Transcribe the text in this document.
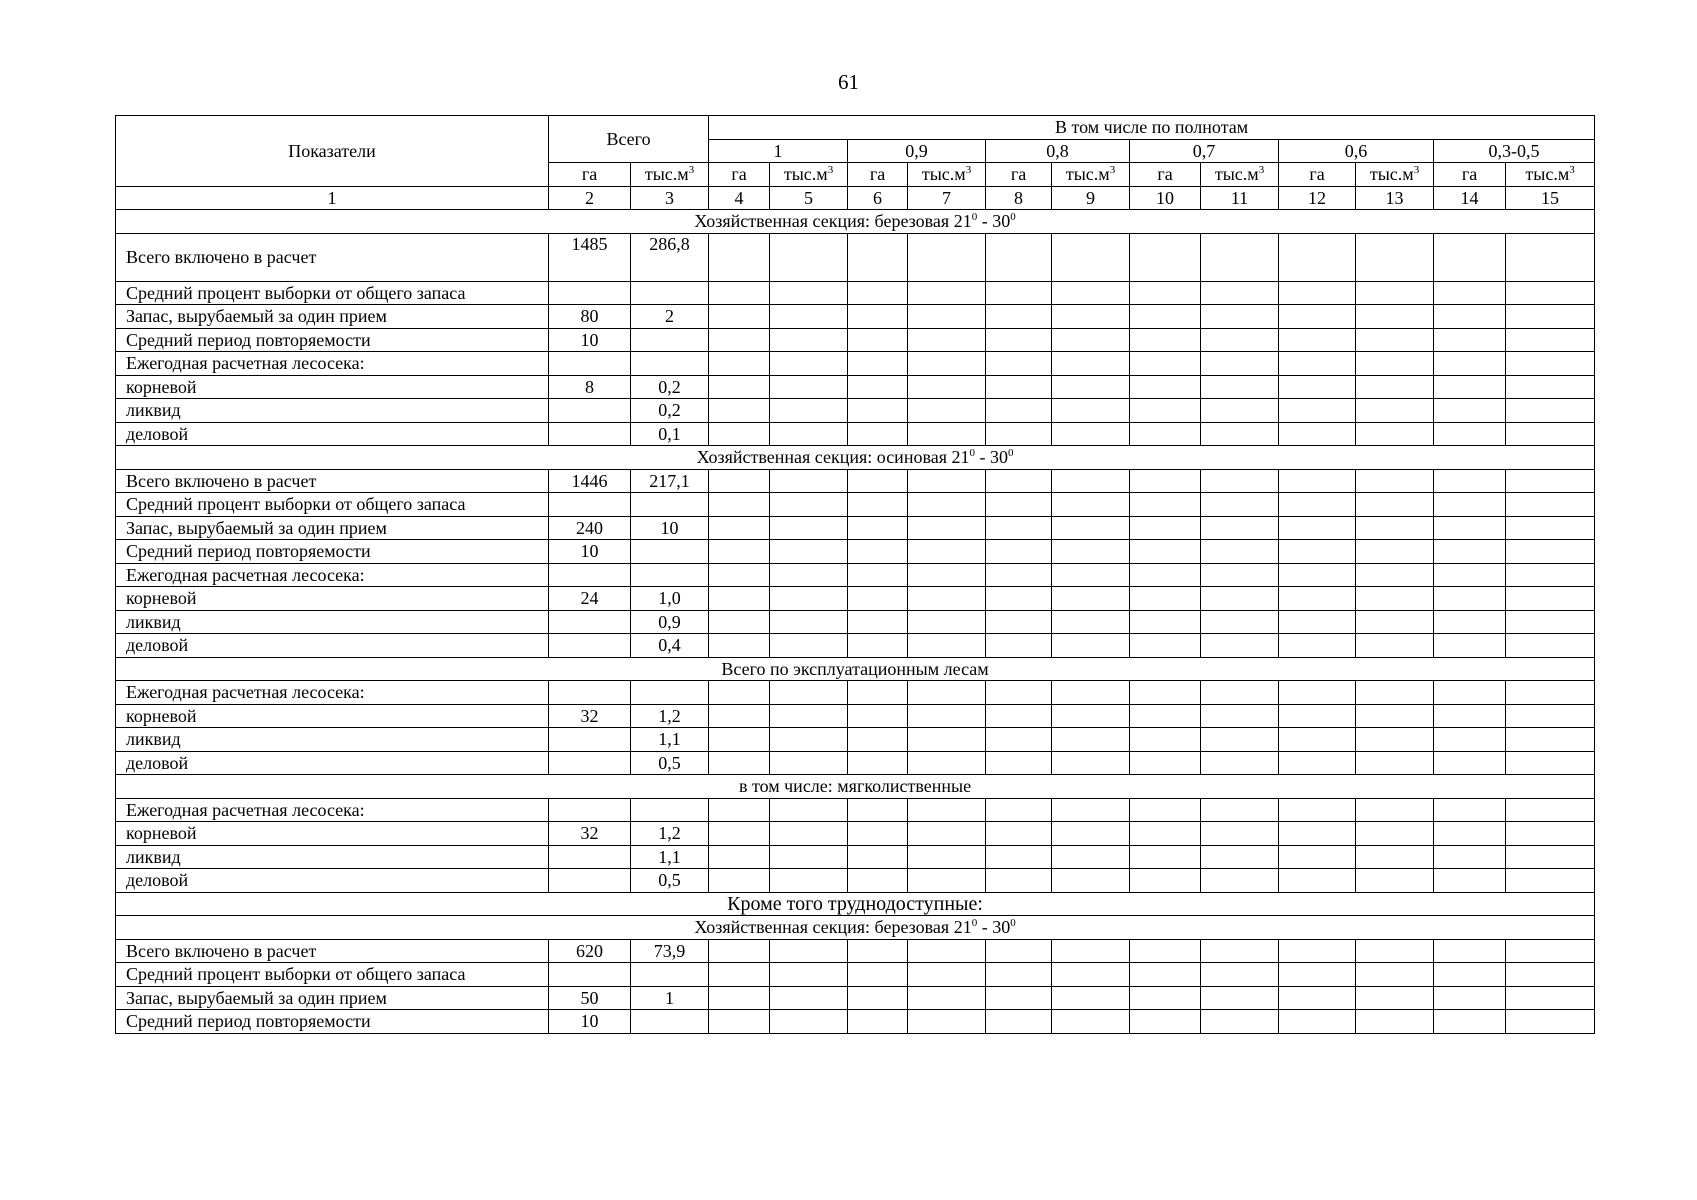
61
Показатели	Всего		В том числе по полнотам											
			1		0,9		0,8		0,7		0,6		0,3-0,5	
	га	$тыс.м^3$	га	$тыс.м^3$	га	$тыс.м^3$	га	$тыс.м^3$	га	$тыс.м^3$	га	$тыс.м^3$	га	$тыс.м^3$
1	2	3	4	5	6	7	8	9	10	11	12	13	14	15
Хозяйственная секция: березовая $21^0 - 30^0$
Всего включено в расчет	1485	286,8												
Средний процент выборки от общего запаса														
Запас, вырубаемый за один прием	80	2												
Средний период повторяемости	10													
Ежегодная расчетная лесосека:														
корневой	8	0,2												
ликвид		0,2												
деловой		0,1												
Хозяйственная секция: осиновая $21^0 - 30^0$
Всего включено в расчет	1446	217,1												
Средний процент выборки от общего запаса														
Запас, вырубаемый за один прием	240	10												
Средний период повторяемости	10													
Ежегодная расчетная лесосека:														
корневой	24	1,0												
ликвид		0,9												
деловой		0,4												
Всего по эксплуатационным лесам														
Ежегодная расчетная лесосека:														
корневой	32	1,2												
ликвид		1,1												
деловой		0,5												
в том числе: мягколиственные														
Ежегодная расчетная лесосека:														
корневой	32	1,2												
ликвид		1,1												
деловой		0,5												
Кроме того труднодоступные:														
Хозяйственная секция: березовая $21^0 - 30^0$
Всего включено в расчет	620	73,9												
Средний процент выборки от общего запаса														
Запас, вырубаемый за один прием	50	1												
Средний период повторяемости	10													
